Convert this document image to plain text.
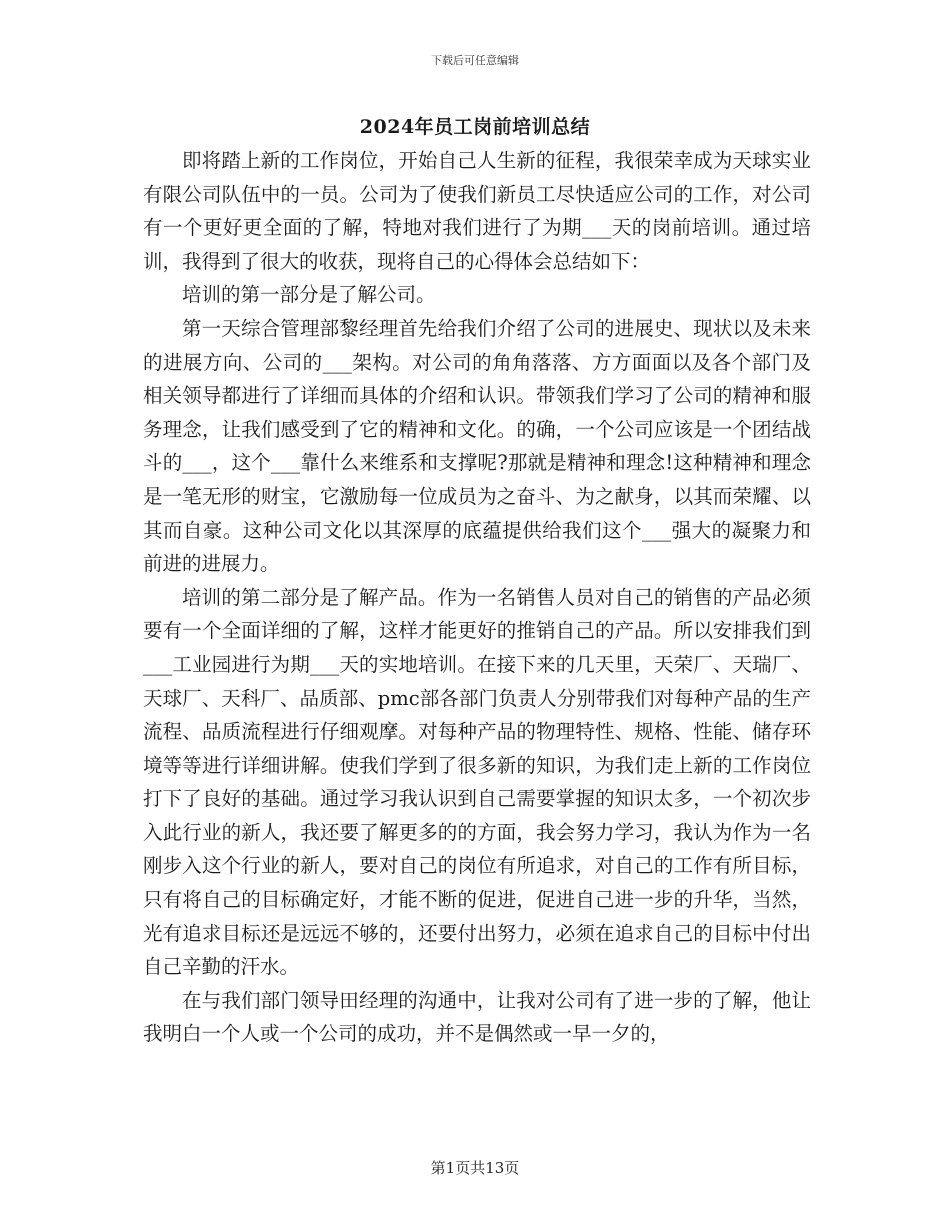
下载后可任意编辑
2024年员工岗前培训总结

即将踏上新的工作岗位，开始自己人生新的征程，我很荣幸成为天球实业有限公司队伍中的一员。公司为了使我们新员工尽快适应公司的工作，对公司有一个更好更全面的了解，特地对我们进行了为期___天的岗前培训。通过培训，我得到了很大的收获，现将自己的心得体会总结如下：

培训的第一部分是了解公司。

第一天综合管理部黎经理首先给我们介绍了公司的进展史、现状以及未来的进展方向、公司的___架构。对公司的角角落落、方方面面以及各个部门及相关领导都进行了详细而具体的介绍和认识。带领我们学习了公司的精神和服务理念，让我们感受到了它的精神和文化。的确，一个公司应该是一个团结战斗的___，这个___靠什么来维系和支撑呢?那就是精神和理念!这种精神和理念是一笔无形的财宝，它激励每一位成员为之奋斗、为之献身，以其而荣耀、以其而自豪。这种公司文化以其深厚的底蕴提供给我们这个___强大的凝聚力和前进的进展力。

培训的第二部分是了解产品。作为一名销售人员对自己的销售的产品必须要有一个全面详细的了解，这样才能更好的推销自己的产品。所以安排我们到___工业园进行为期___天的实地培训。在接下来的几天里，天荣厂、天瑞厂、天球厂、天科厂、品质部、pmc部各部门负责人分别带我们对每种产品的生产流程、品质流程进行仔细观摩。对每种产品的物理特性、规格、性能、储存环境等等进行详细讲解。使我们学到了很多新的知识，为我们走上新的工作岗位打下了良好的基础。通过学习我认识到自己需要掌握的知识太多，一个初次步入此行业的新人，我还要了解更多的的方面，我会努力学习，我认为作为一名刚步入这个行业的新人，要对自己的岗位有所追求，对自己的工作有所目标，只有将自己的目标确定好，才能不断的促进，促进自己进一步的升华，当然，光有追求目标还是远远不够的，还要付出努力，必须在追求自己的目标中付出自己辛勤的汗水。

在与我们部门领导田经理的沟通中，让我对公司有了进一步的了解，他让我明白一个人或一个公司的成功，并不是偶然或一早一夕的，

第1页共13页
